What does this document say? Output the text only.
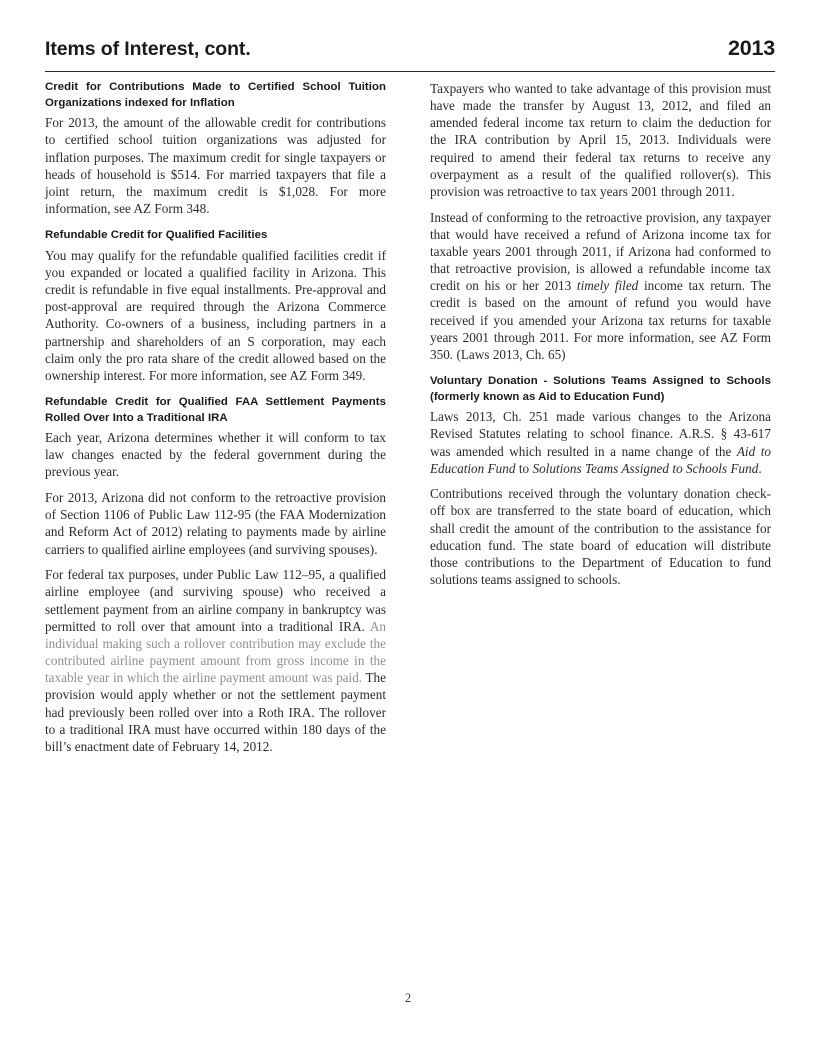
Items of Interest, cont.	2013
Credit for Contributions Made to Certified School Tuition Organizations indexed for Inflation

For 2013, the amount of the allowable credit for contributions to certified school tuition organizations was adjusted for inflation purposes. The maximum credit for single taxpayers or heads of household is $514. For married taxpayers that file a joint return, the maximum credit is $1,028. For more information, see AZ Form 348.

Refundable Credit for Qualified Facilities

You may qualify for the refundable qualified facilities credit if you expanded or located a qualified facility in Arizona. This credit is refundable in five equal installments. Pre-approval and post-approval are required through the Arizona Commerce Authority. Co-owners of a business, including partners in a partnership and shareholders of an S corporation, may each claim only the pro rata share of the credit allowed based on the ownership interest. For more information, see AZ Form 349.

Refundable Credit for Qualified FAA Settlement Payments Rolled Over Into a Traditional IRA

Each year, Arizona determines whether it will conform to tax law changes enacted by the federal government during the previous year.

For 2013, Arizona did not conform to the retroactive provision of Section 1106 of Public Law 112-95 (the FAA Modernization and Reform Act of 2012) relating to payments made by airline carriers to qualified airline employees (and surviving spouses).

For federal tax purposes, under Public Law 112–95, a qualified airline employee (and surviving spouse) who received a settlement payment from an airline company in bankruptcy was permitted to roll over that amount into a traditional IRA. An individual making such a rollover contribution may exclude the contributed airline payment amount from gross income in the taxable year in which the airline payment amount was paid. The provision would apply whether or not the settlement payment had previously been rolled over into a Roth IRA. The rollover to a traditional IRA must have occurred within 180 days of the bill’s enactment date of February 14, 2012.

Taxpayers who wanted to take advantage of this provision must have made the transfer by August 13, 2012, and filed an amended federal income tax return to claim the deduction for the IRA contribution by April 15, 2013. Individuals were required to amend their federal tax returns to receive any overpayment as a result of the qualified rollover(s). This provision was retroactive to tax years 2001 through 2011.

Instead of conforming to the retroactive provision, any taxpayer that would have received a refund of Arizona income tax for taxable years 2001 through 2011, if Arizona had conformed to that retroactive provision, is allowed a refundable income tax credit on his or her 2013 timely filed income tax return. The credit is based on the amount of refund you would have received if you amended your Arizona tax returns for taxable years 2001 through 2011. For more information, see AZ Form 350. (Laws 2013, Ch. 65)

Voluntary Donation - Solutions Teams Assigned to Schools (formerly known as Aid to Education Fund)

Laws 2013, Ch. 251 made various changes to the Arizona Revised Statutes relating to school finance. A.R.S. § 43-617 was amended which resulted in a name change of the Aid to Education Fund to Solutions Teams Assigned to Schools Fund.

Contributions received through the voluntary donation check-off box are transferred to the state board of education, which shall credit the amount of the contribution to the assistance for education fund. The state board of education will distribute those contributions to the Department of Education to fund solutions teams assigned to schools.

2
